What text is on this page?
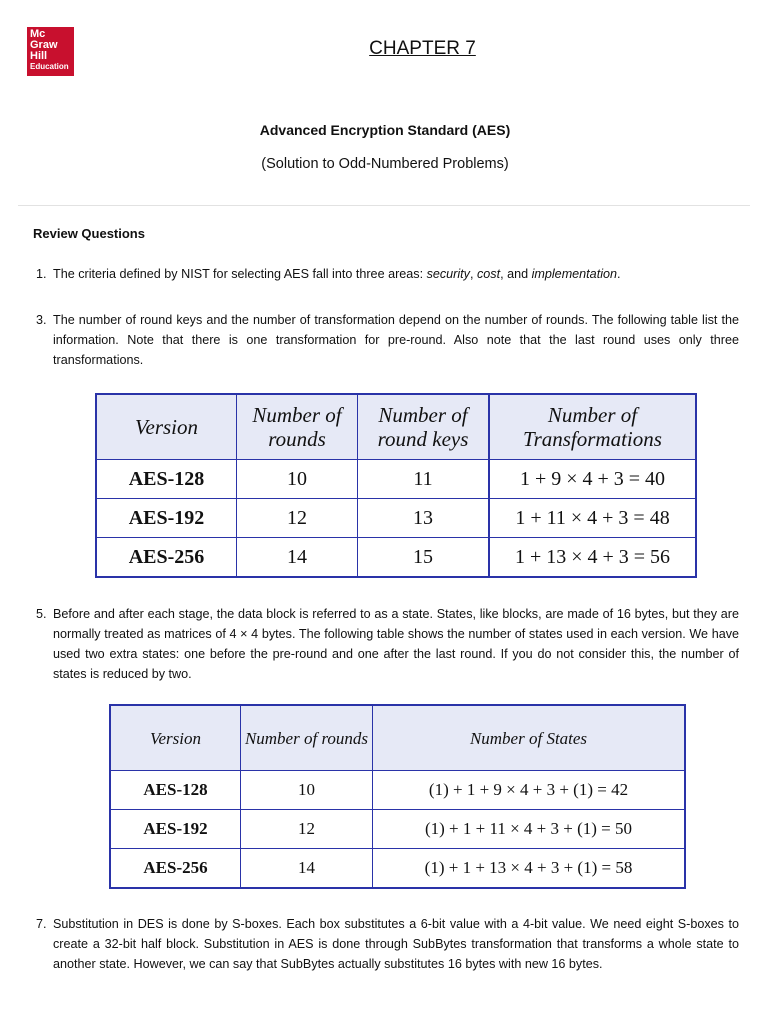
Mc
Graw
Hill
Education
CHAPTER 7
Advanced Encryption Standard (AES)
(Solution to Odd-Numbered Problems)
Review Questions
1. The criteria defined by NIST for selecting AES fall into three areas: security, cost, and implementation.
3. The number of round keys and the number of transformation depend on the number of rounds. The following table list the information. Note that there is one transformation for pre-round. Also note that the last round uses only three transformations.
Version	Number of rounds	Number of round keys	Number of Transformations
AES-128	10	11	1 + 9 × 4 + 3 = 40
AES-192	12	13	1 + 11 × 4 + 3 = 48
AES-256	14	15	1 + 13 × 4 + 3 = 56
5. Before and after each stage, the data block is referred to as a state. States, like blocks, are made of 16 bytes, but they are normally treated as matrices of 4 × 4 bytes. The following table shows the number of states used in each version. We have used two extra states: one before the pre-round and one after the last round. If you do not consider this, the number of states is reduced by two.
Version	Number of rounds	Number of States
AES-128	10	(1) + 1 + 9 × 4 + 3 + (1) = 42
AES-192	12	(1) + 1 + 11 × 4 + 3 + (1) = 50
AES-256	14	(1) + 1 + 13 × 4 + 3 + (1) = 58
7. Substitution in DES is done by S-boxes. Each box substitutes a 6-bit value with a 4-bit value. We need eight S-boxes to create a 32-bit half block. Substitution in AES is done through SubBytes transformation that transforms a whole state to another state. However, we can say that SubBytes actually substitutes 16 bytes with new 16 bytes.
